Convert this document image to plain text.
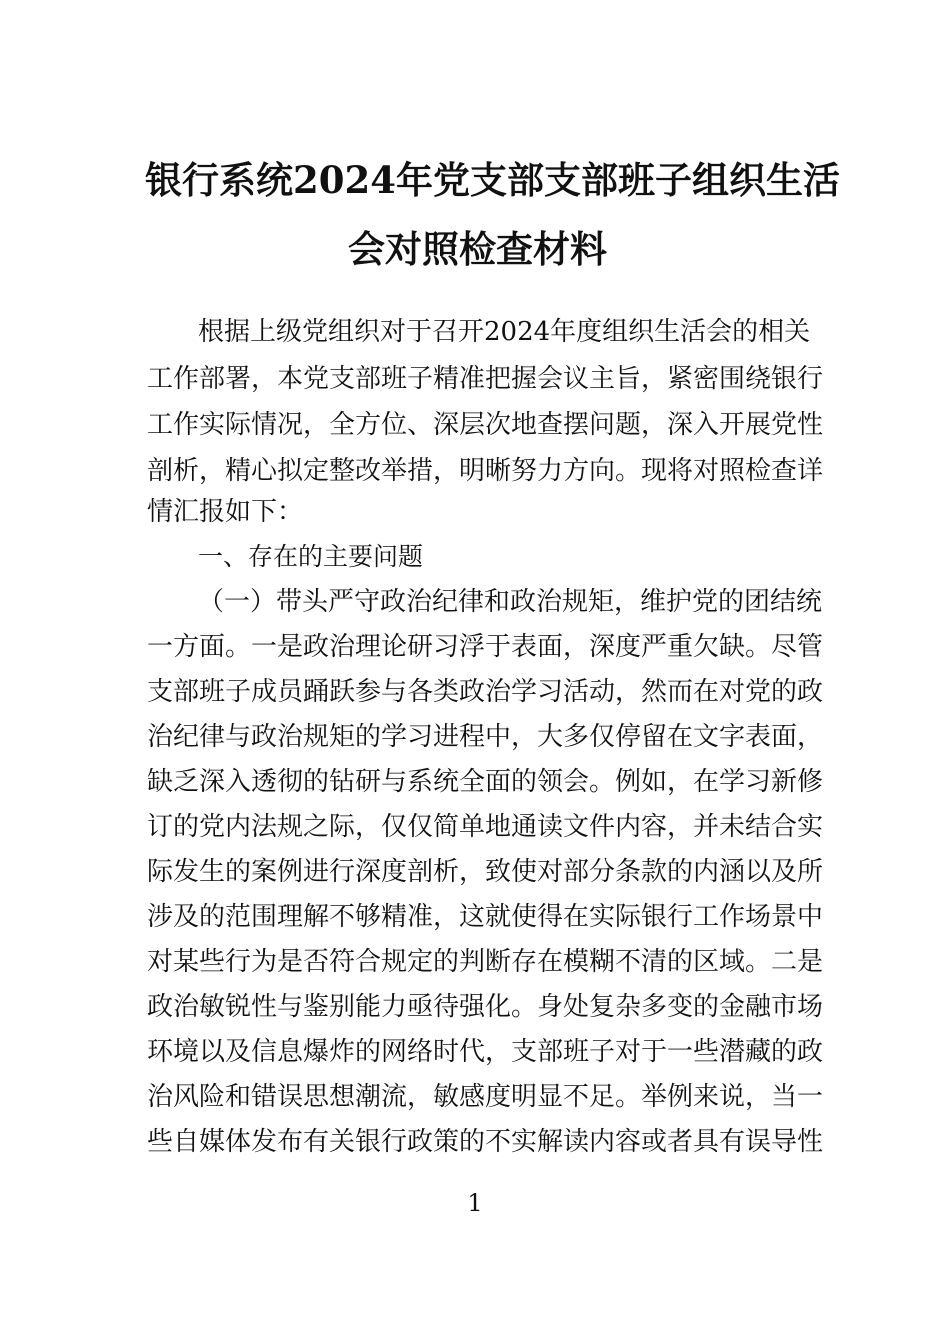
银行系统2024年党支部支部班子组织生活
会对照检查材料
根据上级党组织对于召开2024年度组织生活会的相关
工作部署，本党支部班子精准把握会议主旨，紧密围绕银行
工作实际情况，全方位、深层次地查摆问题，深入开展党性
剖析，精心拟定整改举措，明晰努力方向。现将对照检查详
情汇报如下：
一、存在的主要问题
（一）带头严守政治纪律和政治规矩，维护党的团结统
一方面。一是政治理论研习浮于表面，深度严重欠缺。尽管
支部班子成员踊跃参与各类政治学习活动，然而在对党的政
治纪律与政治规矩的学习进程中，大多仅停留在文字表面，
缺乏深入透彻的钻研与系统全面的领会。例如，在学习新修
订的党内法规之际，仅仅简单地通读文件内容，并未结合实
际发生的案例进行深度剖析，致使对部分条款的内涵以及所
涉及的范围理解不够精准，这就使得在实际银行工作场景中
对某些行为是否符合规定的判断存在模糊不清的区域。二是
政治敏锐性与鉴别能力亟待强化。身处复杂多变的金融市场
环境以及信息爆炸的网络时代，支部班子对于一些潜藏的政
治风险和错误思想潮流，敏感度明显不足。举例来说，当一
些自媒体发布有关银行政策的不实解读内容或者具有误导性
1
